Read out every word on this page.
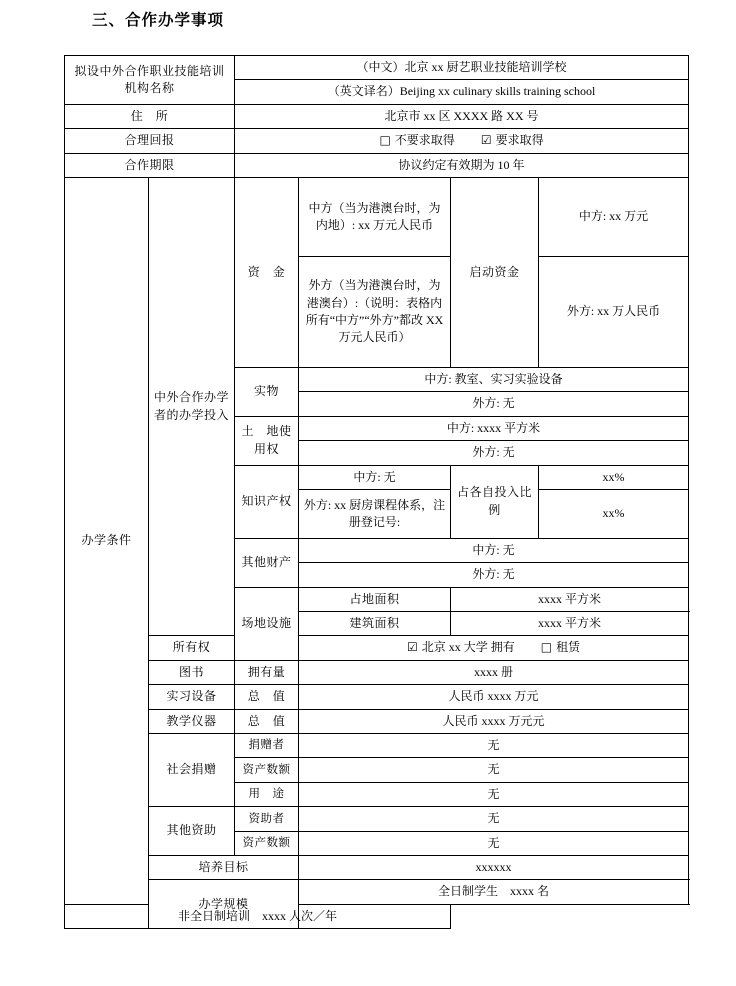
三、合作办学事项
拟设中外合作职业技能培训机构名称		（中文）北京 xx 厨艺职业技能培训学校			
		（英文译名）Beijing xx culinary skills training school			
住　所		北京市 xx 区 XXXX 路 XX 号			
合理回报		□ 不要求取得 ☑ 要求取得			
合作期限		协议约定有效期为 10 年			
办学条件	中外合作办学者的办学投入	资　金	中方（当为港澳台时，为内地）: xx 万元人民币	启动资金	中方: xx 万元
			外方（当为港澳台时，为港澳台）:（说明：表格内所有“中方”“外方”都改 XX 万元人民币）		外方: xx 万人民币
		实物	中方: 教室、实习实验设备		
			外方: 无		
		土　地使用权	中方: xxxx 平方米		
			外方: 无		
		知识产权	中方: 无	占各自投入比例	xx%
			外方: xx 厨房课程体系，注册登记号:		xx%
		其他财产	中方: 无		
			外方: 无		
		场地设施	占地面积	xxxx 平方米	
			建筑面积	xxxx 平方米	
	所有权		☑ 北京 xx 大学 拥有 □ 租赁		
	图书	拥有量	xxxx 册		
	实习设备	总　值	人民币 xxxx 万元		
	教学仪器	总　值	人民币 xxxx 万元元		
	社会捐赠	捐赠者	无		
		资产数额	无		
		用　途	无		
	其他资助	资助者	无		
		资产数额	无		
	培养目标		xxxxxx		
	办学规模		全日制学生　xxxx 名		
非全日制培训　xxxx 人次／年					
